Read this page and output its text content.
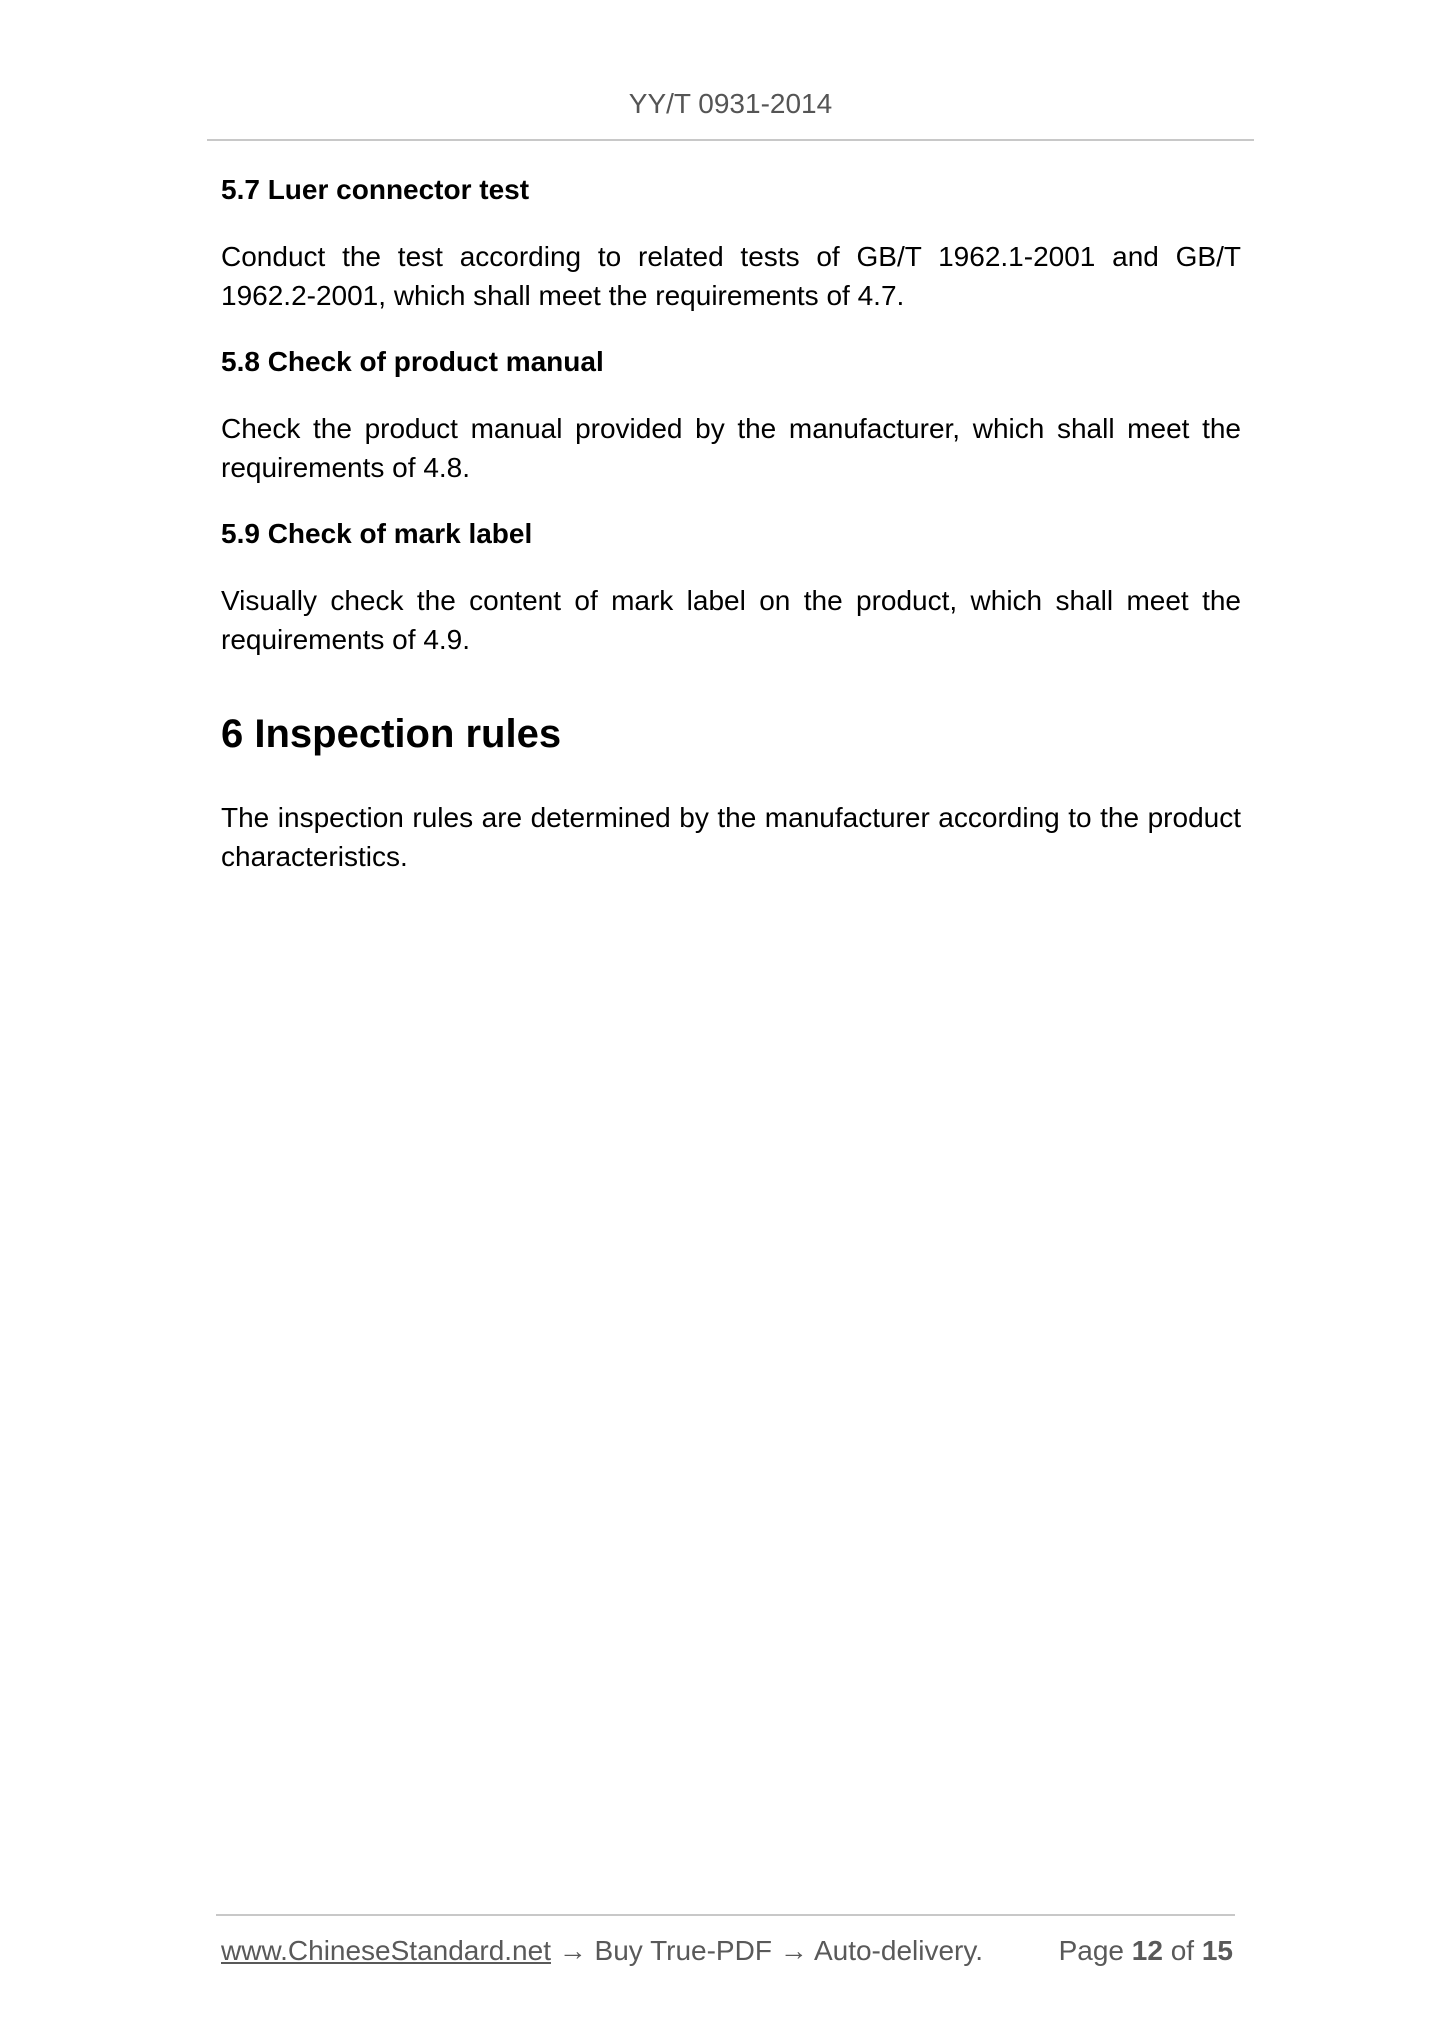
YY/T 0931-2014
5.7 Luer connector test

Conduct the test according to related tests of GB/T 1962.1-2001 and GB/T 1962.2-2001, which shall meet the requirements of 4.7.

5.8 Check of product manual

Check the product manual provided by the manufacturer, which shall meet the requirements of 4.8.

5.9 Check of mark label

Visually check the content of mark label on the product, which shall meet the requirements of 4.9.

6 Inspection rules

The inspection rules are determined by the manufacturer according to the product characteristics.

www.ChineseStandard.net → Buy True-PDF → Auto-delivery.	Page 12 of 15
